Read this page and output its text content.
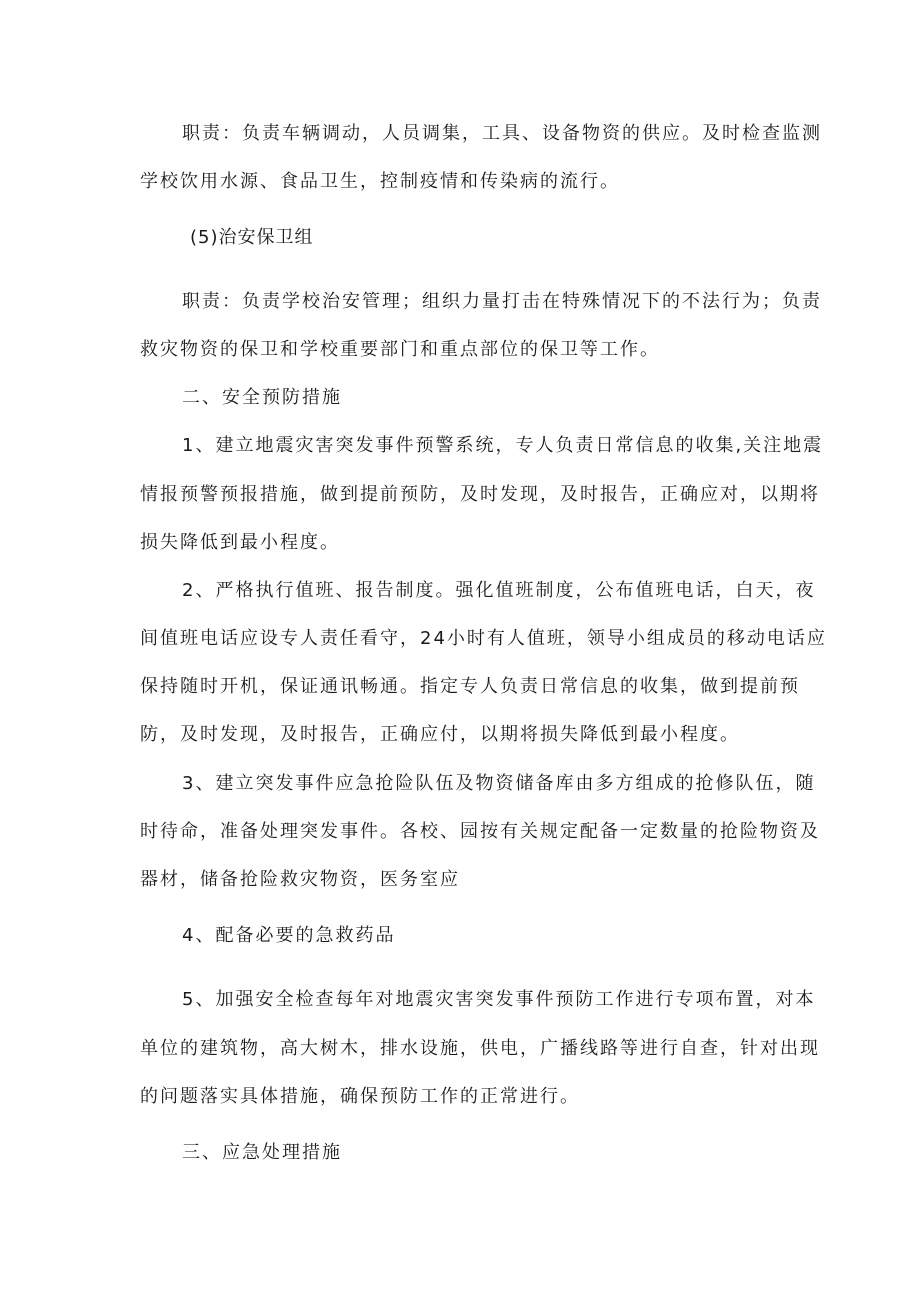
职责：负责车辆调动，人员调集，工具、设备物资的供应。及时检查监测
学校饮用水源、食品卫生，控制疫情和传染病的流行。
(5)治安保卫组
职责：负责学校治安管理；组织力量打击在特殊情况下的不法行为；负责
救灾物资的保卫和学校重要部门和重点部位的保卫等工作。
二、安全预防措施
1、建立地震灾害突发事件预警系统，专人负责日常信息的收集,关注地震
情报预警预报措施，做到提前预防，及时发现，及时报告，正确应对，以期将
损失降低到最小程度。
2、严格执行值班、报告制度。强化值班制度，公布值班电话，白天，夜
间值班电话应设专人责任看守，24小时有人值班，领导小组成员的移动电话应
保持随时开机，保证通讯畅通。指定专人负责日常信息的收集，做到提前预
防，及时发现，及时报告，正确应付，以期将损失降低到最小程度。
3、建立突发事件应急抢险队伍及物资储备库由多方组成的抢修队伍，随
时待命，准备处理突发事件。各校、园按有关规定配备一定数量的抢险物资及
器材，储备抢险救灾物资，医务室应
4、配备必要的急救药品
5、加强安全检查每年对地震灾害突发事件预防工作进行专项布置，对本
单位的建筑物，高大树木，排水设施，供电，广播线路等进行自查，针对出现
的问题落实具体措施，确保预防工作的正常进行。
三、应急处理措施
